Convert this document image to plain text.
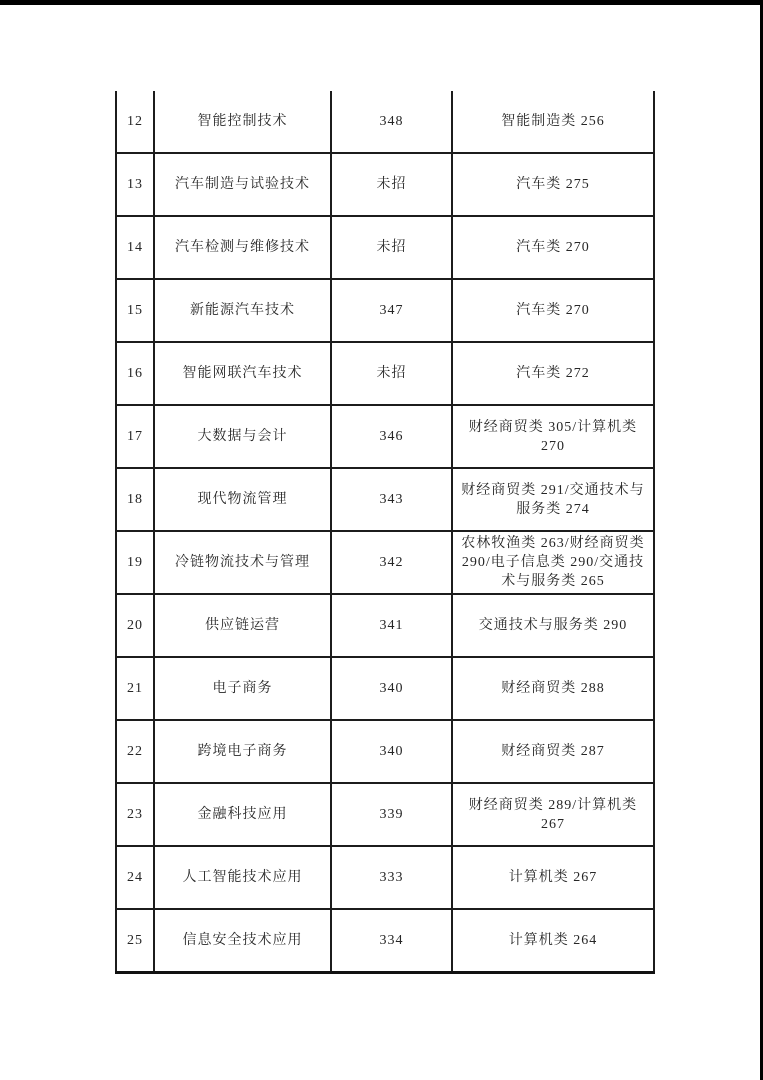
12	智能控制技术	348	智能制造类 256
13	汽车制造与试验技术	未招	汽车类 275
14	汽车检测与维修技术	未招	汽车类 270
15	新能源汽车技术	347	汽车类 270
16	智能网联汽车技术	未招	汽车类 272
17	大数据与会计	346	财经商贸类 305/计算机类 270
18	现代物流管理	343	财经商贸类 291/交通技术与服务类 274
19	冷链物流技术与管理	342	农林牧渔类 263/财经商贸类 290/电子信息类 290/交通技术与服务类 265
20	供应链运营	341	交通技术与服务类 290
21	电子商务	340	财经商贸类 288
22	跨境电子商务	340	财经商贸类 287
23	金融科技应用	339	财经商贸类 289/计算机类 267
24	人工智能技术应用	333	计算机类 267
25	信息安全技术应用	334	计算机类 264
